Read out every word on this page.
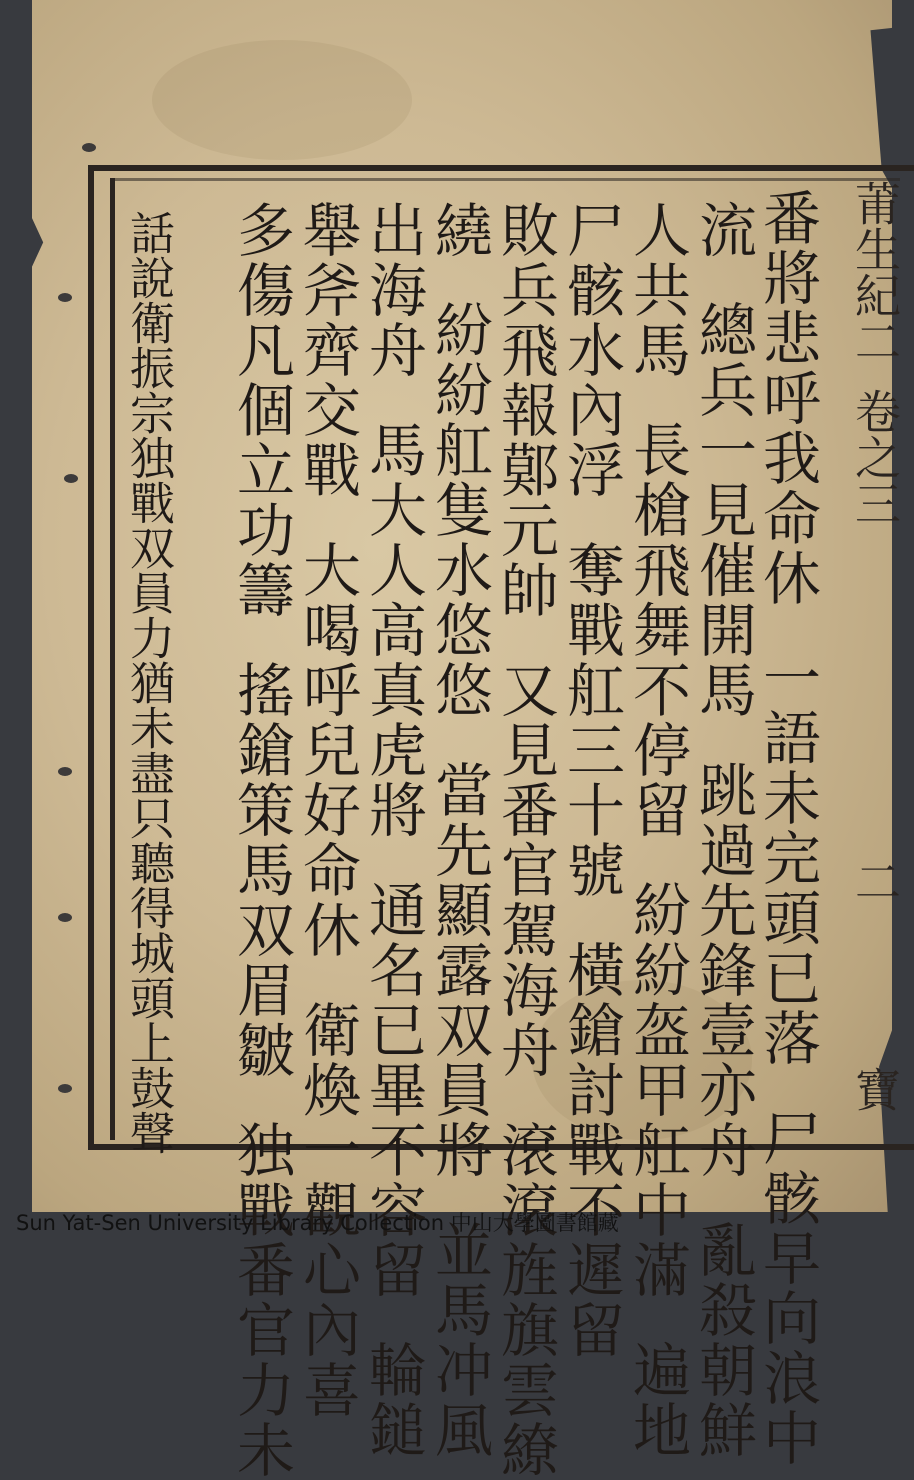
莆生紀二
卷之三
二
寶
番將悲呼我命休一語未完頭已落尸骸早向浪中
流總兵一見催開馬跳過先鋒壹亦舟亂殺朝鮮
人共馬長槍飛舞不停留紛紛盔甲舡中滿遍地
尸骸水內浮奪戰舡三十號橫鎗討戰不遲留
敗兵飛報鄚元帥又見番官駕海舟滾滾旌旗雲繚
繞紛紛舡隻水悠悠當先顯露双員將並馬冲風
出海舟馬大人高真虎將通名已畢不容留輪鎚
舉斧齊交戰大喝呼兒好命休衛煥一觀心內喜
多傷凡個立功籌搖鎗策馬双眉皺独戰番官力未
話說衛振宗独戰双員力猶未盡只聽得城頭上鼓聲
Sun Yat-Sen University Library Collection 中山大學圖書館藏
